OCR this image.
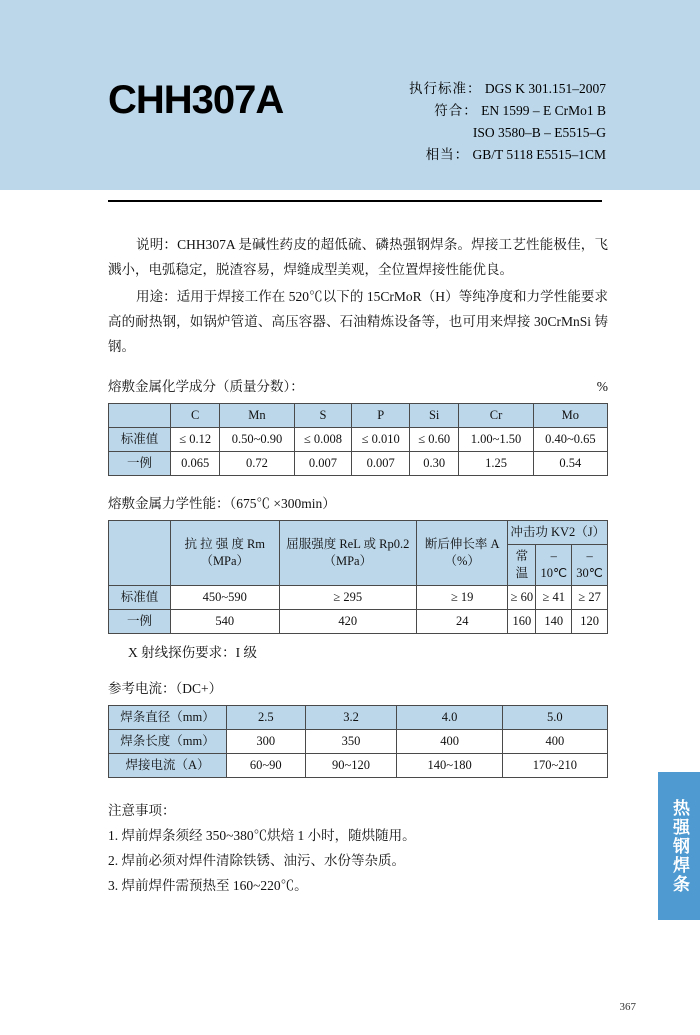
CHH307A	执行标准： DGS K 301.151–2007
符合： EN 1599 – E CrMo1 B
ISO 3580–B – E5515–G
相当： GB/T 5118 E5515–1CM

说明：CHH307A 是碱性药皮的超低硫、磷热强钢焊条。焊接工艺性能极佳，飞溅小，电弧稳定，脱渣容易，焊缝成型美观，全位置焊接性能优良。

用途：适用于焊接工作在 520℃以下的 15CrMoR（H）等纯净度和力学性能要求高的耐热钢，如锅炉管道、高压容器、石油精炼设备等，也可用来焊接 30CrMnSi 铸钢。

熔敷金属化学成分（质量分数）：	%
	C	Mn	S	P	Si	Cr	Mo
标准值	≤ 0.12	0.50~0.90	≤ 0.008	≤ 0.010	≤ 0.60	1.00~1.50	0.40~0.65
一例	0.065	0.72	0.007	0.007	0.30	1.25	0.54
熔敷金属力学性能：（675℃ ×300min）
	抗 拉 强 度 Rm（MPa）	屈服强度 ReL 或 Rp0.2（MPa）	断后伸长率 A（%）	冲击功 KV2（J）		
				常温	–10℃	–30℃
标准值	450~590	≥ 295	≥ 19	≥ 60	≥ 41	≥ 27
一例	540	420	24	160	140	120
X 射线探伤要求：I 级
参考电流：（DC+）
焊条直径（mm）	2.5	3.2	4.0	5.0
焊条长度（mm）	300	350	400	400
焊接电流（A）	60~90	90~120	140~180	170~210
注意事项：
1. 焊前焊条须经 350~380℃烘焙 1 小时，随烘随用。
2. 焊前必须对焊件清除铁锈、油污、水份等杂质。
3. 焊前焊件需预热至 160~220℃。	热强钢焊条
367
